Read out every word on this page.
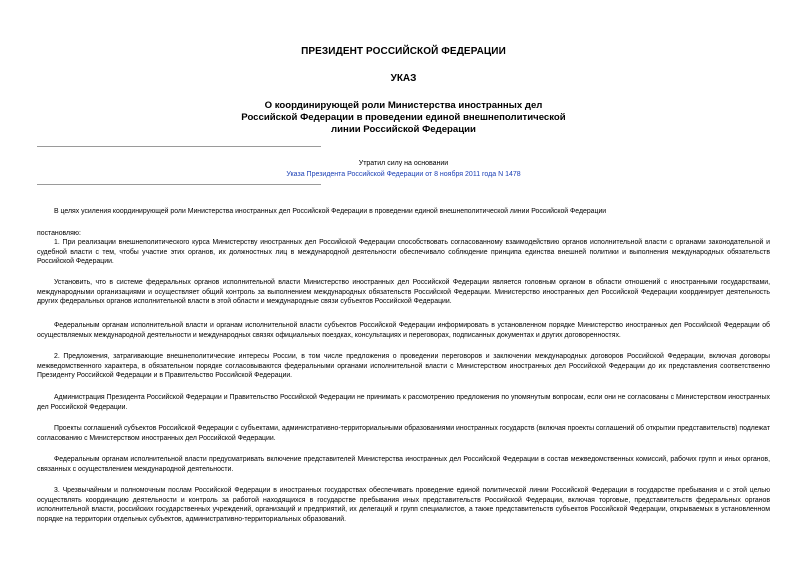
ПРЕЗИДЕНТ РОССИЙСКОЙ ФЕДЕРАЦИИ
УКАЗ
О координирующей роли Министерства иностранных дел
Российской Федерации в проведении единой внешнеполитической
линии Российской Федерации
Утратил силу на основании
Указа Президента Российской Федерации от 8 ноября 2011 года N 1478
В целях усиления координирующей роли Министерства иностранных дел Российской Федерации в проведении единой внешнеполитической линии Российской Федерации
постановляю:
1. При реализации внешнеполитического курса Министерству иностранных дел Российской Федерации способствовать согласованному взаимодействию органов исполнительной власти с органами законодательной и судебной власти с тем, чтобы участие этих органов, их должностных лиц в международной деятельности обеспечивало соблюдение принципа единства внешней политики и выполнения международных обязательств Российской Федерации.
Установить, что в системе федеральных органов исполнительной власти Министерство иностранных дел Российской Федерации является головным органом в области отношений с иностранными государствами, международными организациями и осуществляет общий контроль за выполнением международных обязательств Российской Федерации. Министерство иностранных дел Российской Федерации координирует деятельность других федеральных органов исполнительной власти в этой области и международные связи субъектов Российской Федерации.
Федеральным органам исполнительной власти и органам исполнительной власти субъектов Российской Федерации информировать в установленном порядке Министерство иностранных дел Российской Федерации об осуществляемых международной деятельности и международных связях официальных поездках, консультациях и переговорах, подписанных документах и других договоренностях.
2. Предложения, затрагивающие внешнеполитические интересы России, в том числе предложения о проведении переговоров и заключении международных договоров Российской Федерации, включая договоры межведомственного характера, в обязательном порядке согласовываются федеральными органами исполнительной власти с Министерством иностранных дел Российской Федерации до их представления соответственно Президенту Российской Федерации и в Правительство Российской Федерации.
Администрация Президента Российской Федерации и Правительство Российской Федерации не принимать к рассмотрению предложения по упомянутым вопросам, если они не согласованы с Министерством иностранных дел Российской Федерации.
Проекты соглашений субъектов Российской Федерации с субъектами, административно-территориальными образованиями иностранных государств (включая проекты соглашений об открытии представительств) подлежат согласованию с Министерством иностранных дел Российской Федерации.
Федеральным органам исполнительной власти предусматривать включение представителей Министерства иностранных дел Российской Федерации в состав межведомственных комиссий, рабочих групп и иных органов, связанных с осуществлением международной деятельности.
3. Чрезвычайным и полномочным послам Российской Федерации в иностранных государствах обеспечивать проведение единой политической линии Российской Федерации в государстве пребывания и с этой целью осуществлять координацию деятельности и контроль за работой находящихся в государстве пребывания иных представительств Российской Федерации, включая торговые, представительств федеральных органов исполнительной власти, российских государственных учреждений, организаций и предприятий, их делегаций и групп специалистов, а также представительств субъектов Российской Федерации, открываемых в установленном порядке на территории отдельных субъектов, административно-территориальных образований.
